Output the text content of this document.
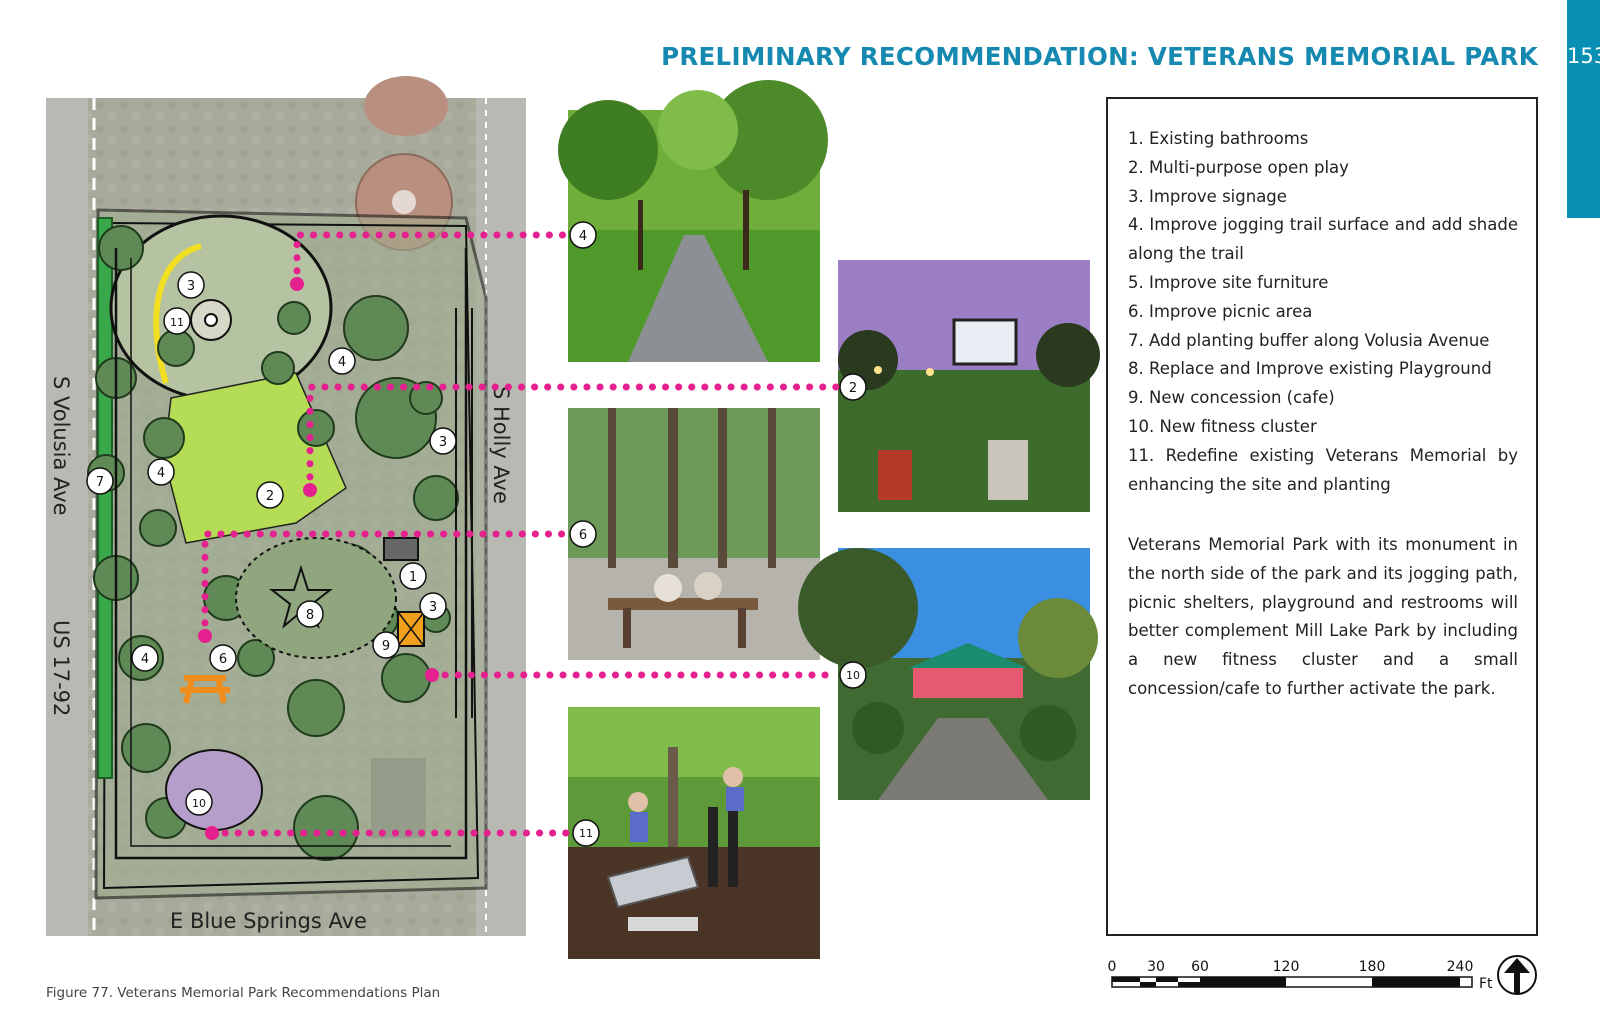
153
PRELIMINARY RECOMMENDATION: VETERANS MEMORIAL PARK
S Volusia Ave
US 17-92
S Holly Ave
E Blue Springs Ave
3
11
4
3
4
7
2
1
3
8
9
4	6
10
4
2
6
10
11
1. Existing bathrooms
2. Multi-purpose open play
3. Improve signage
4. Improve jogging trail surface and add shade along the trail
5. Improve site furniture
6. Improve picnic area
7. Add planting buffer along Volusia Avenue
8. Replace and Improve existing Playground
9. New concession (cafe)
10. New fitness cluster
11. Redefine existing Veterans Memorial by enhancing the site and planting
Veterans Memorial Park with its monument in the north side of the park and its jogging path, picnic shelters, playground and restrooms will better complement Mill Lake Park by including a new fitness cluster and a small concession/cafe to further activate the park.
0 30 60	120	180	240
Ft
Figure 77. Veterans Memorial Park Recommendations Plan
